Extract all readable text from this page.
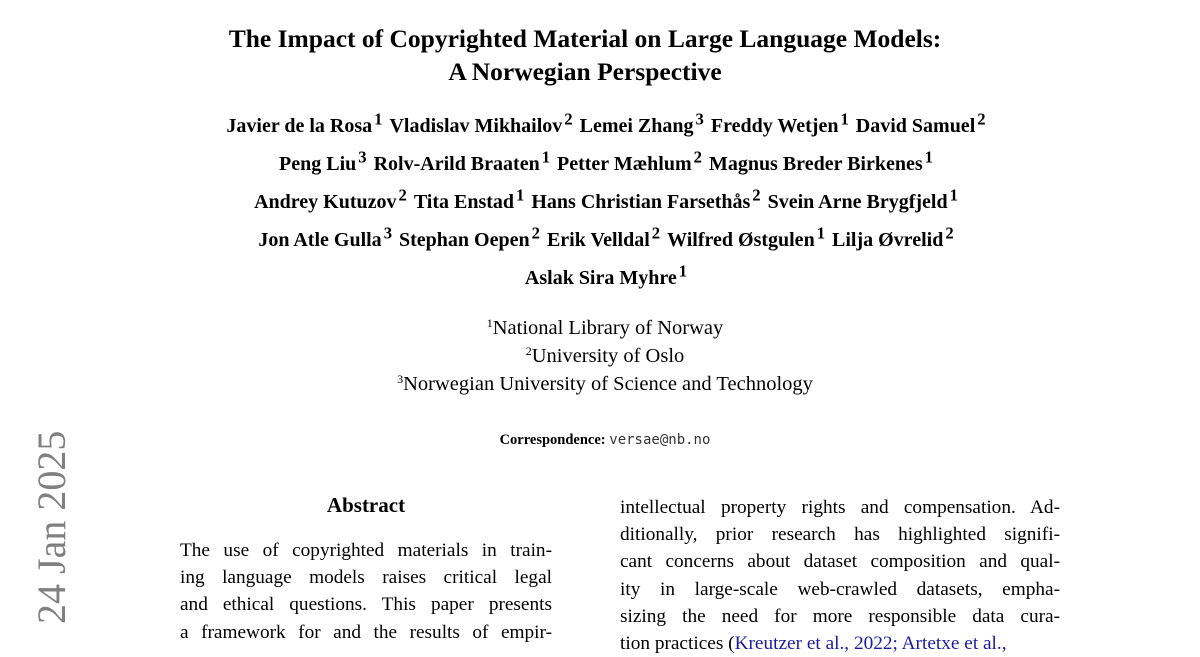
24 Jan 2025
The Impact of Copyrighted Material on Large Language Models:
A Norwegian Perspective
Javier de la Rosa $^1$ Vladislav Mikhailov $^2$ Lemei Zhang $^3$ Freddy Wetjen $^1$ David Samuel $^2$
Peng Liu $^3$ Rolv-Arild Braaten $^1$ Petter Mæhlum $^2$ Magnus Breder Birkenes $^1$
Andrey Kutuzov $^2$ Tita Enstad $^1$ Hans Christian Farsethås $^2$ Svein Arne Brygfjeld $^1$
Jon Atle Gulla $^3$ Stephan Oepen $^2$ Erik Velldal $^2$ Wilfred Østgulen $^1$ Lilja Øvrelid $^2$
Aslak Sira Myhre $^1$
$^1$National Library of Norway
$^2$University of Oslo
$^3$Norwegian University of Science and Technology
Correspondence: versae@nb.no
Abstract
The use of copyrighted materials in train-
ing language models raises critical legal
and ethical questions. This paper presents
a framework for and the results of empir-
intellectual property rights and compensation. Ad-
ditionally, prior research has highlighted signifi-
cant concerns about dataset composition and qual-
ity in large-scale web-crawled datasets, empha-
sizing the need for more responsible data cura-
tion practices (Kreutzer et al., 2022; Artetxe et al.,
